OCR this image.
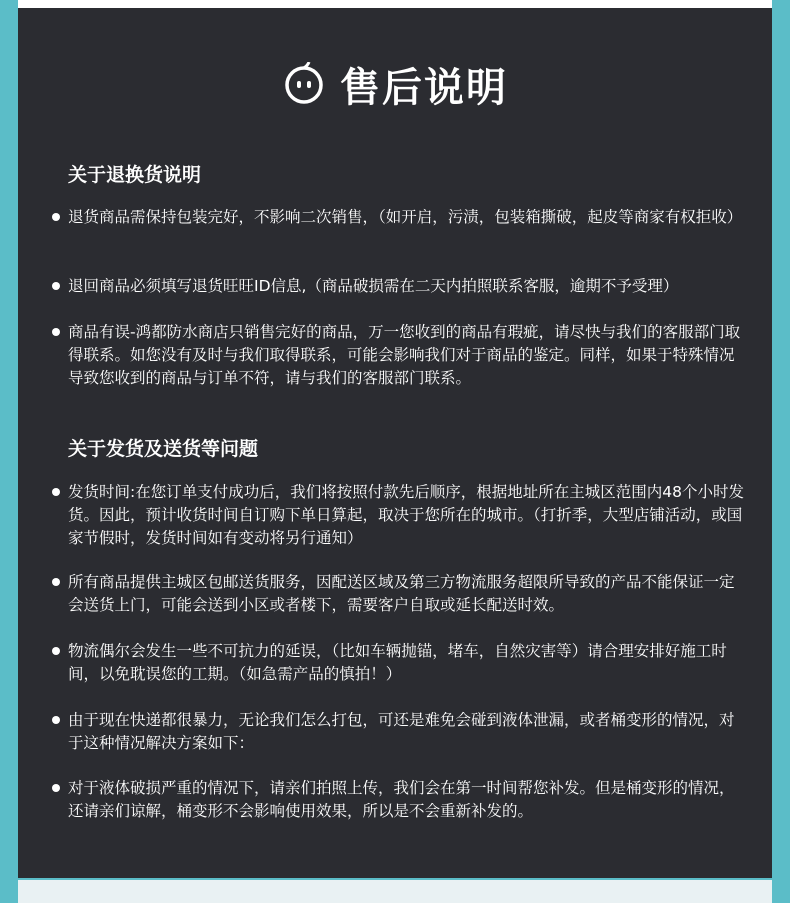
售后说明
关于退换货说明
退货商品需保持包装完好，不影响二次销售，（如开启，污渍，包装箱撕破，起皮等商家有权拒收）
退回商品必须填写退货旺旺ID信息,（商品破损需在二天内拍照联系客服，逾期不予受理）
商品有误-鸿都防水商店只销售完好的商品，万一您收到的商品有瑕疵，请尽快与我们的客服部门取得联系。如您没有及时与我们取得联系，可能会影响我们对于商品的鉴定。同样，如果于特殊情况导致您收到的商品与订单不符，请与我们的客服部门联系。
关于发货及送货等问题
发货时间:在您订单支付成功后，我们将按照付款先后顺序，根据地址所在主城区范围内48个小时发货。因此，预计收货时间自订购下单日算起，取决于您所在的城市。（打折季，大型店铺活动，或国家节假时，发货时间如有变动将另行通知）
所有商品提供主城区包邮送货服务，因配送区域及第三方物流服务超限所导致的产品不能保证一定会送货上门，可能会送到小区或者楼下，需要客户自取或延长配送时效。
物流偶尔会发生一些不可抗力的延误，（比如车辆抛锚，堵车，自然灾害等）请合理安排好施工时间，以免耽误您的工期。（如急需产品的慎拍！）
由于现在快递都很暴力，无论我们怎么打包，可还是难免会碰到液体泄漏，或者桶变形的情况，对于这种情况解决方案如下：
对于液体破损严重的情况下，请亲们拍照上传，我们会在第一时间帮您补发。但是桶变形的情况，还请亲们谅解，桶变形不会影响使用效果，所以是不会重新补发的。
